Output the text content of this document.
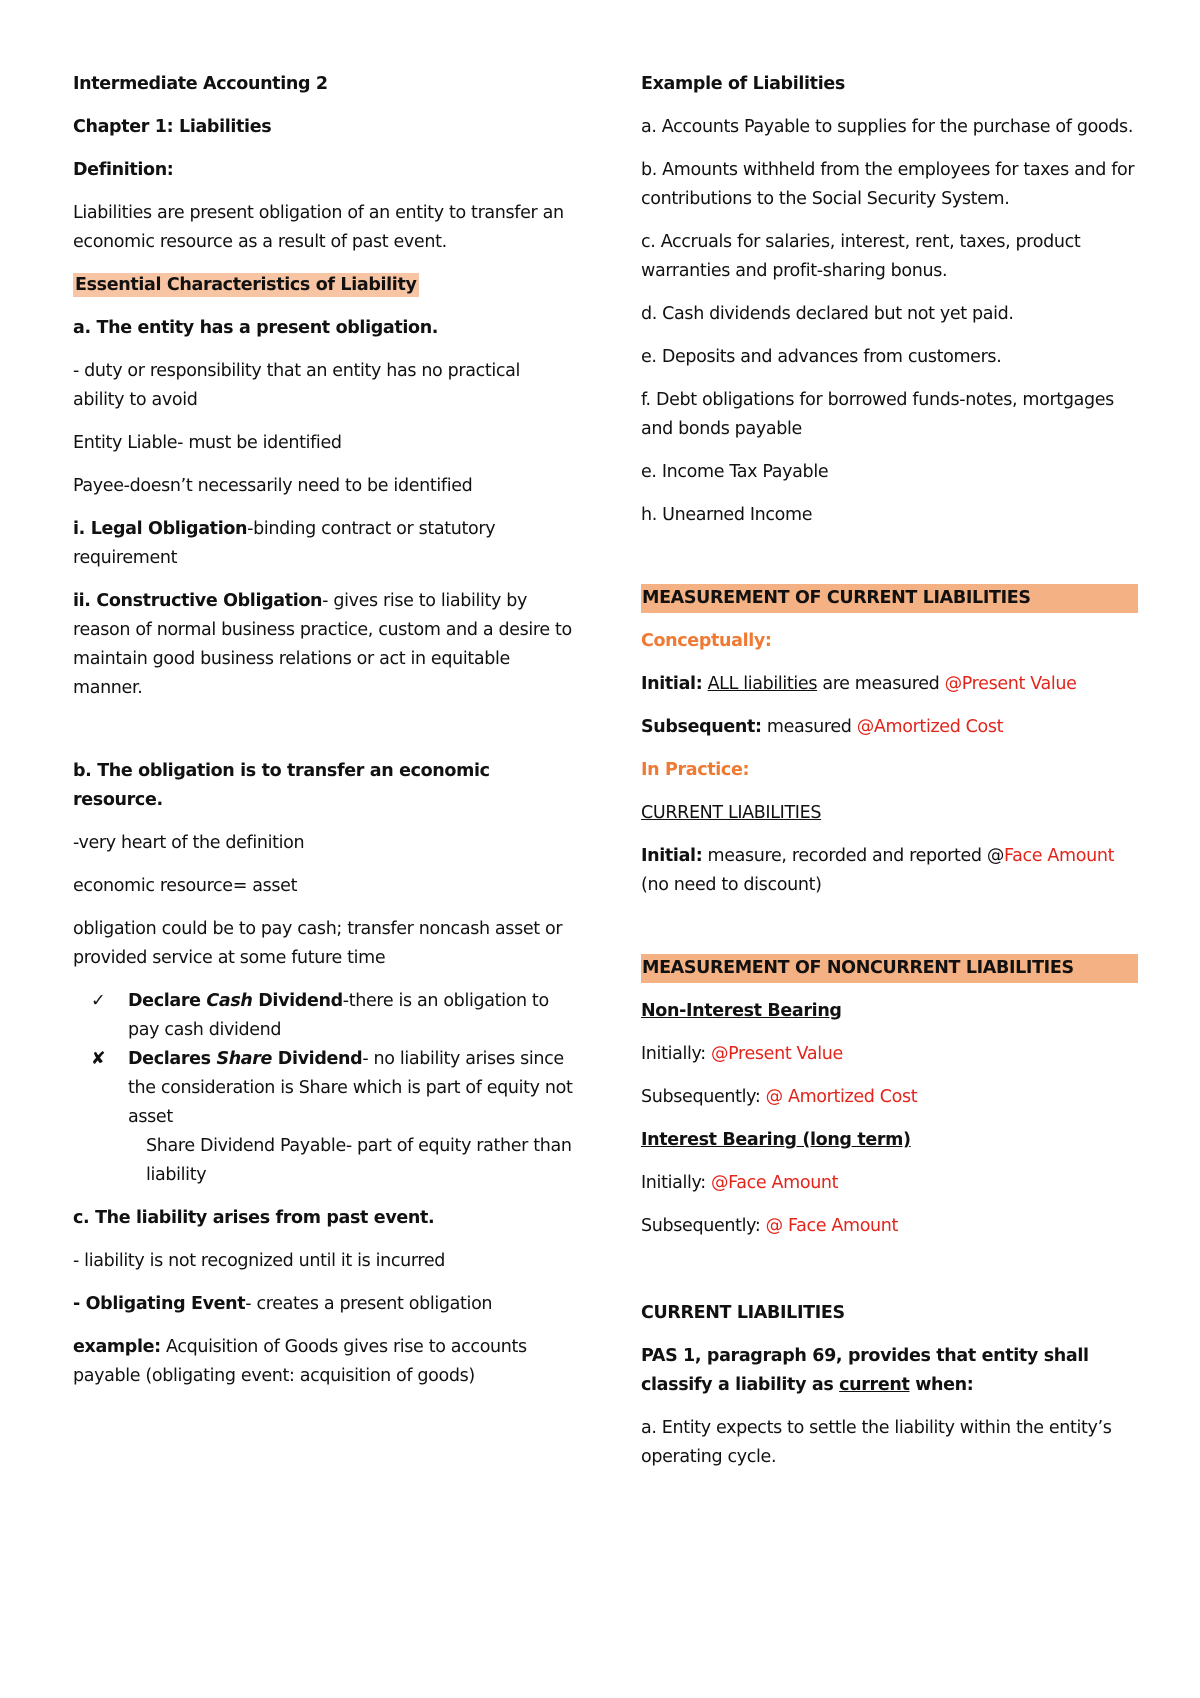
Intermediate Accounting 2

Chapter 1: Liabilities

Definition:

Liabilities are present obligation of an entity to transfer an economic resource as a result of past event.

Essential Characteristics of Liability

a. The entity has a present obligation.

- duty or responsibility that an entity has no practical ability to avoid

Entity Liable- must be identified

Payee-doesn’t necessarily need to be identified

i. Legal Obligation-binding contract or statutory requirement

ii. Constructive Obligation- gives rise to liability by reason of normal business practice, custom and a desire to maintain good business relations or act in equitable manner.

b. The obligation is to transfer an economic resource.

-very heart of the definition

economic resource= asset

obligation could be to pay cash; transfer noncash asset or provided service at some future time

✓ Declare Cash Dividend-there is an obligation to pay cash dividend
✘ Declares Share Dividend- no liability arises since the consideration is Share which is part of equity not asset

Share Dividend Payable- part of equity rather than liability

c. The liability arises from past event.

- liability is not recognized until it is incurred

- Obligating Event- creates a present obligation

example: Acquisition of Goods gives rise to accounts payable (obligating event: acquisition of goods)

Example of Liabilities

a. Accounts Payable to supplies for the purchase of goods.

b. Amounts withheld from the employees for taxes and for contributions to the Social Security System.

c. Accruals for salaries, interest, rent, taxes, product warranties and profit-sharing bonus.

d. Cash dividends declared but not yet paid.

e. Deposits and advances from customers.

f. Debt obligations for borrowed funds-notes, mortgages and bonds payable

e. Income Tax Payable

h. Unearned Income

MEASUREMENT OF CURRENT LIABILITIES

Conceptually:

Initial: ALL liabilities are measured @Present Value

Subsequent: measured @Amortized Cost

In Practice:

CURRENT LIABILITIES

Initial: measure, recorded and reported @Face Amount (no need to discount)

MEASUREMENT OF NONCURRENT LIABILITIES

Non-Interest Bearing

Initially: @Present Value

Subsequently: @ Amortized Cost

Interest Bearing (long term)

Initially: @Face Amount

Subsequently: @ Face Amount

CURRENT LIABILITIES

PAS 1, paragraph 69, provides that entity shall classify a liability as current when:

a. Entity expects to settle the liability within the entity’s operating cycle.
